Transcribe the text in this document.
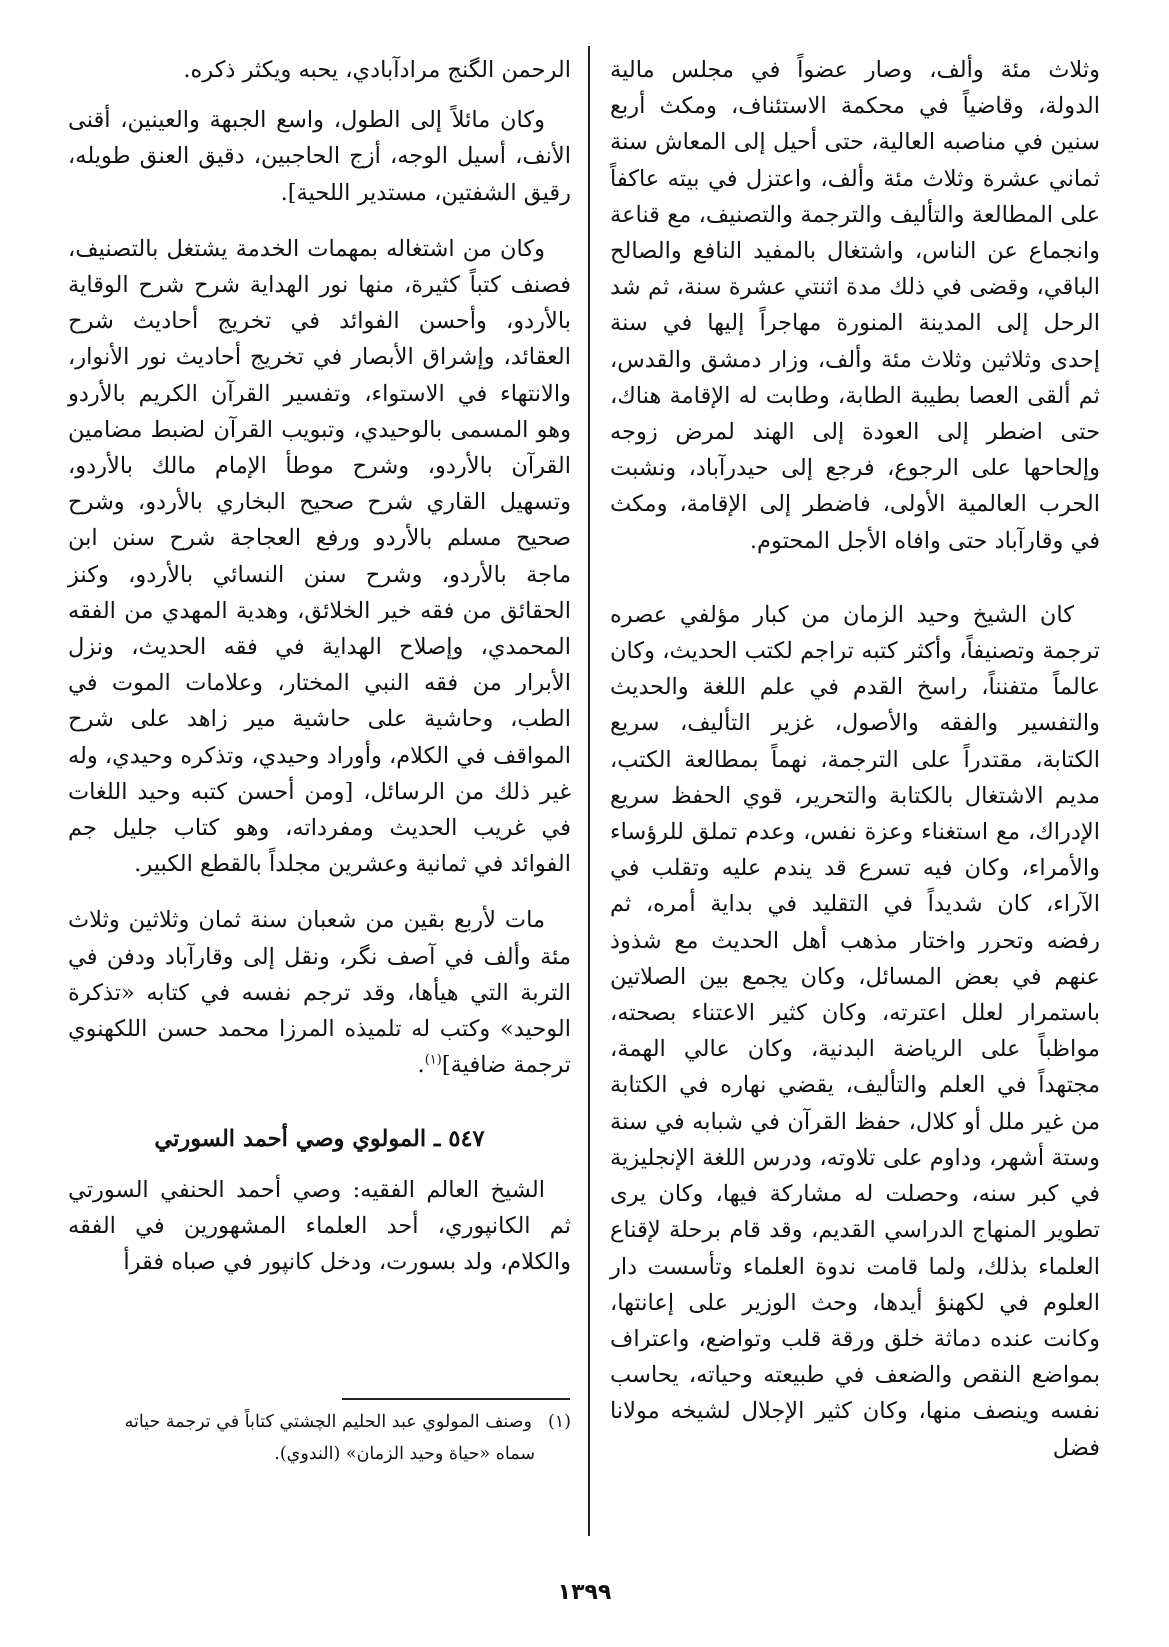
وثلاث مئة وألف، وصار عضواً في مجلس مالية الدولة، وقاضياً في محكمة الاستئناف، ومكث أربع سنين في مناصبه العالية، حتى أحيل إلى المعاش سنة ثماني عشرة وثلاث مئة وألف، واعتزل في بيته عاكفاً على المطالعة والتأليف والترجمة والتصنيف، مع قناعة وانجماع عن الناس، واشتغال بالمفيد النافع والصالح الباقي، وقضى في ذلك مدة اثنتي عشرة سنة، ثم شد الرحل إلى المدينة المنورة مهاجراً إليها في سنة إحدى وثلاثين وثلاث مئة وألف، وزار دمشق والقدس، ثم ألقى العصا بطيبة الطابة، وطابت له الإقامة هناك، حتى اضطر إلى العودة إلى الهند لمرض زوجه وإلحاحها على الرجوع، فرجع إلى حيدرآباد، ونشبت الحرب العالمية الأولى، فاضطر إلى الإقامة، ومكث في وقارآباد حتى وافاه الأجل المحتوم.

كان الشيخ وحيد الزمان من كبار مؤلفي عصره ترجمة وتصنيفاً، وأكثر كتبه تراجم لكتب الحديث، وكان عالماً متفنناً، راسخ القدم في علم اللغة والحديث والتفسير والفقه والأصول، غزير التأليف، سريع الكتابة، مقتدراً على الترجمة، نهماً بمطالعة الكتب، مديم الاشتغال بالكتابة والتحرير، قوي الحفظ سريع الإدراك، مع استغناء وعزة نفس، وعدم تملق للرؤساء والأمراء، وكان فيه تسرع قد يندم عليه وتقلب في الآراء، كان شديداً في التقليد في بداية أمره، ثم رفضه وتحرر واختار مذهب أهل الحديث مع شذوذ عنهم في بعض المسائل، وكان يجمع بين الصلاتين باستمرار لعلل اعترته، وكان كثير الاعتناء بصحته، مواظباً على الرياضة البدنية، وكان عالي الهمة، مجتهداً في العلم والتأليف، يقضي نهاره في الكتابة من غير ملل أو كلال، حفظ القرآن في شبابه في سنة وستة أشهر، وداوم على تلاوته، ودرس اللغة الإنجليزية في كبر سنه، وحصلت له مشاركة فيها، وكان يرى تطوير المنهاج الدراسي القديم، وقد قام برحلة لإقناع العلماء بذلك، ولما قامت ندوة العلماء وتأسست دار العلوم في لكهنؤ أيدها، وحث الوزير على إعانتها، وكانت عنده دماثة خلق ورقة قلب وتواضع، واعتراف بمواضع النقص والضعف في طبيعته وحياته، يحاسب نفسه وينصف منها، وكان كثير الإجلال لشيخه مولانا فضل

الرحمن الگنج مرادآبادي، يحبه ويكثر ذكره.

وكان مائلاً إلى الطول، واسع الجبهة والعينين، أقنى الأنف، أسيل الوجه، أزج الحاجبين، دقيق العنق طويله، رقيق الشفتين، مستدير اللحية].

وكان من اشتغاله بمهمات الخدمة يشتغل بالتصنيف، فصنف كتباً كثيرة، منها نور الهداية شرح شرح الوقاية بالأردو، وأحسن الفوائد في تخريج أحاديث شرح العقائد، وإشراق الأبصار في تخريج أحاديث نور الأنوار، والانتهاء في الاستواء، وتفسير القرآن الكريم بالأردو وهو المسمى بالوحيدي، وتبويب القرآن لضبط مضامين القرآن بالأردو، وشرح موطأ الإمام مالك بالأردو، وتسهيل القاري شرح صحيح البخاري بالأردو، وشرح صحيح مسلم بالأردو ورفع العجاجة شرح سنن ابن ماجة بالأردو، وشرح سنن النسائي بالأردو، وكنز الحقائق من فقه خير الخلائق، وهدية المهدي من الفقه المحمدي، وإصلاح الهداية في فقه الحديث، ونزل الأبرار من فقه النبي المختار، وعلامات الموت في الطب، وحاشية على حاشية مير زاهد على شرح المواقف في الكلام، وأوراد وحيدي، وتذكره وحيدي، وله غير ذلك من الرسائل، [ومن أحسن كتبه وحيد اللغات في غريب الحديث ومفرداته، وهو كتاب جليل جم الفوائد في ثمانية وعشرين مجلداً بالقطع الكبير.

مات لأربع بقين من شعبان سنة ثمان وثلاثين وثلاث مئة وألف في آصف نگر، ونقل إلى وقارآباد ودفن في التربة التي هيأها، وقد ترجم نفسه في كتابه «تذكرة الوحيد» وكتب له تلميذه المرزا محمد حسن اللكهنوي ترجمة ضافية]$^{(١)}$.

٥٤٧ ـ المولوي وصي أحمد السورتي

الشيخ العالم الفقيه: وصي أحمد الحنفي السورتي ثم الكانپوري، أحد العلماء المشهورين في الفقه والكلام، ولد بسورت، ودخل كانپور في صباه فقرأ

(١)وصنف المولوي عبد الحليم الچشتي كتاباً في ترجمة حياته

سماه «حياة وحيد الزمان» (الندوي).

١٣٩٩
